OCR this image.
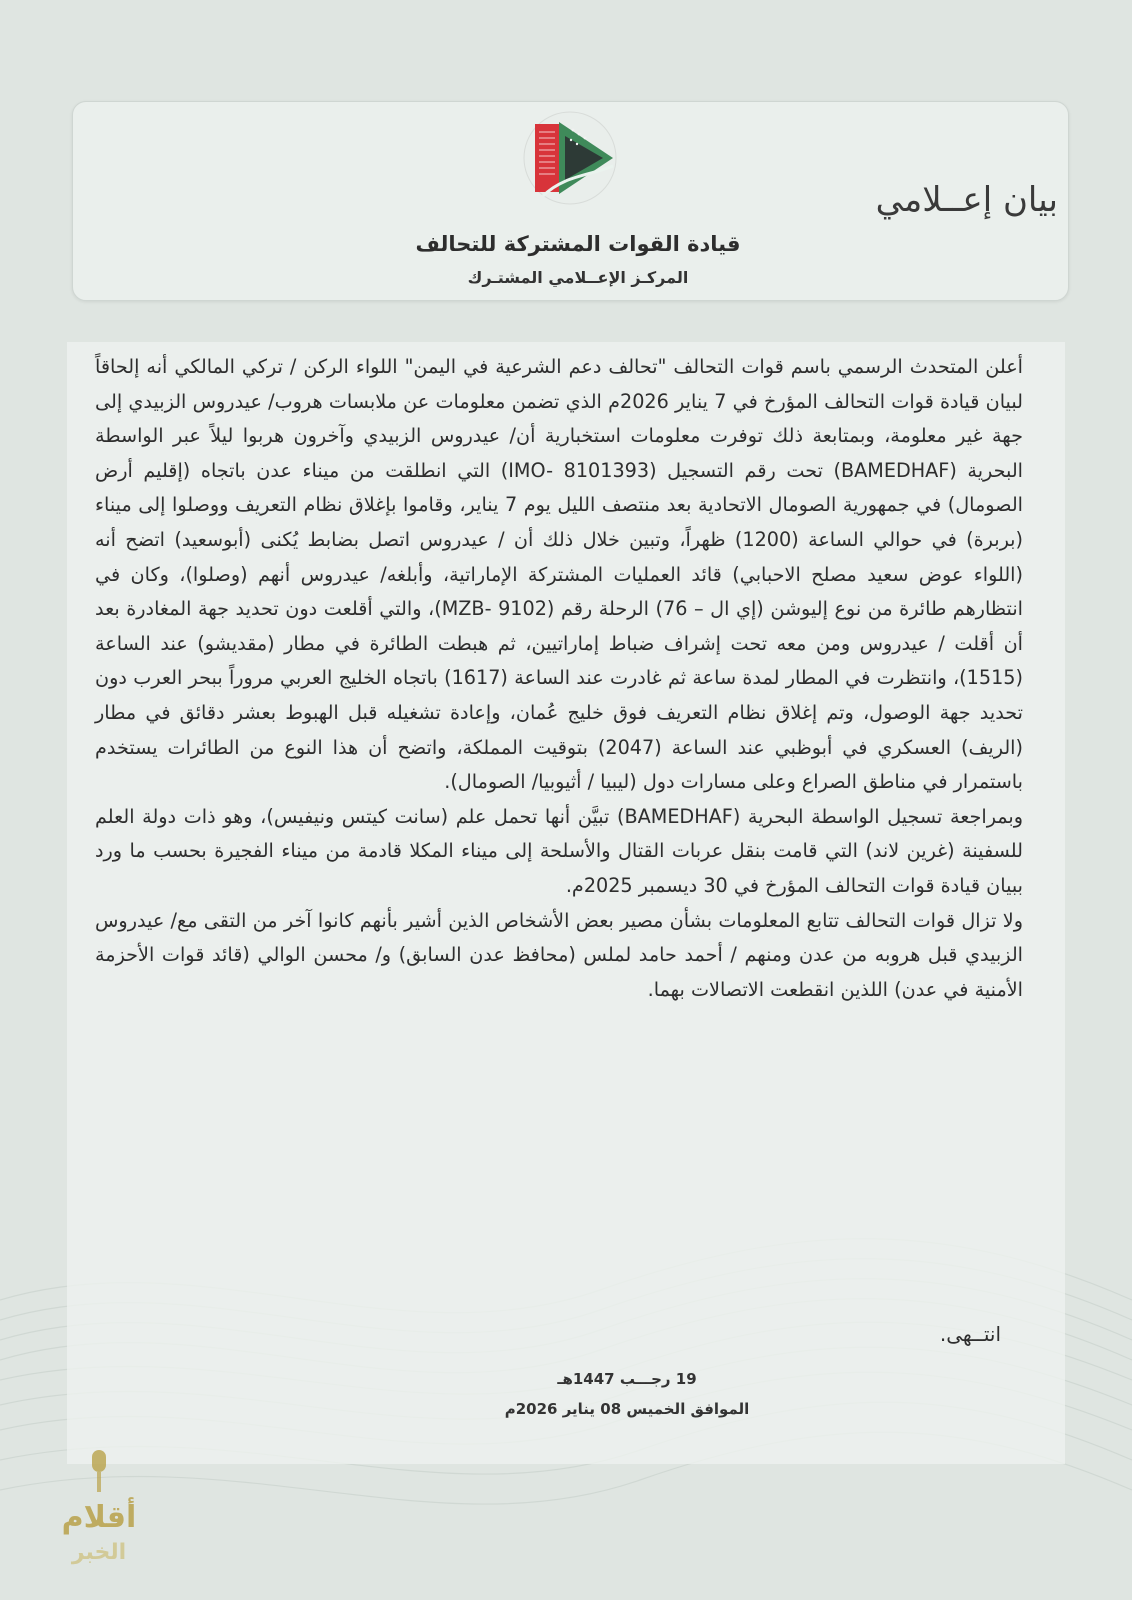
بيان إعــلامي
قيادة القوات المشتركة للتحالف
المركـز الإعــلامي المشتـرك

أعلن المتحدث الرسمي باسم قوات التحالف "تحالف دعم الشرعية في اليمن" اللواء الركن / تركي المالكي أنه إلحاقاً لبيان قيادة قوات التحالف المؤرخ في 7 يناير 2026م الذي تضمن معلومات عن ملابسات هروب/ عيدروس الزبيدي إلى جهة غير معلومة، وبمتابعة ذلك توفرت معلومات استخبارية أن/ عيدروس الزبيدي وآخرون هربوا ليلاً عبر الواسطة البحرية (BAMEDHAF) تحت رقم التسجيل (IMO- 8101393) التي انطلقت من ميناء عدن باتجاه (إقليم أرض الصومال) في جمهورية الصومال الاتحادية بعد منتصف الليل يوم 7 يناير، وقاموا بإغلاق نظام التعريف ووصلوا إلى ميناء (بربرة) في حوالي الساعة (1200) ظهراً، وتبين خلال ذلك أن / عيدروس اتصل بضابط يُكنى (أبوسعيد) اتضح أنه (اللواء عوض سعيد مصلح الاحبابي) قائد العمليات المشتركة الإماراتية، وأبلغه/ عيدروس أنهم (وصلوا)، وكان في انتظارهم طائرة من نوع إليوشن (إي ال – 76) الرحلة رقم (MZB- 9102)، والتي أقلعت دون تحديد جهة المغادرة بعد أن أقلت / عيدروس ومن معه تحت إشراف ضباط إماراتيين، ثم هبطت الطائرة في مطار (مقديشو) عند الساعة (1515)، وانتظرت في المطار لمدة ساعة ثم غادرت عند الساعة (1617) باتجاه الخليج العربي مروراً ببحر العرب دون تحديد جهة الوصول، وتم إغلاق نظام التعريف فوق خليج عُمان، وإعادة تشغيله قبل الهبوط بعشر دقائق في مطار (الريف) العسكري في أبوظبي عند الساعة (2047) بتوقيت المملكة، واتضح أن هذا النوع من الطائرات يستخدم باستمرار في مناطق الصراع وعلى مسارات دول (ليبيا / أثيوبيا/ الصومال).

وبمراجعة تسجيل الواسطة البحرية (BAMEDHAF) تبيَّن أنها تحمل علم (سانت كيتس ونيفيس)، وهو ذات دولة العلم للسفينة (غرين لاند) التي قامت بنقل عربات القتال والأسلحة إلى ميناء المكلا قادمة من ميناء الفجيرة بحسب ما ورد ببيان قيادة قوات التحالف المؤرخ في 30 ديسمبر 2025م.

ولا تزال قوات التحالف تتابع المعلومات بشأن مصير بعض الأشخاص الذين أشير بأنهم كانوا آخر من التقى مع/ عيدروس الزبيدي قبل هروبه من عدن ومنهم / أحمد حامد لملس (محافظ عدن السابق) و/ محسن الوالي (قائد قوات الأحزمة الأمنية في عدن) اللذين انقطعت الاتصالات بهما.

انتــهى.
19 رجـــب 1447هـ
الموافق الخميس 08 يناير 2026م
أقلام
الخبر
